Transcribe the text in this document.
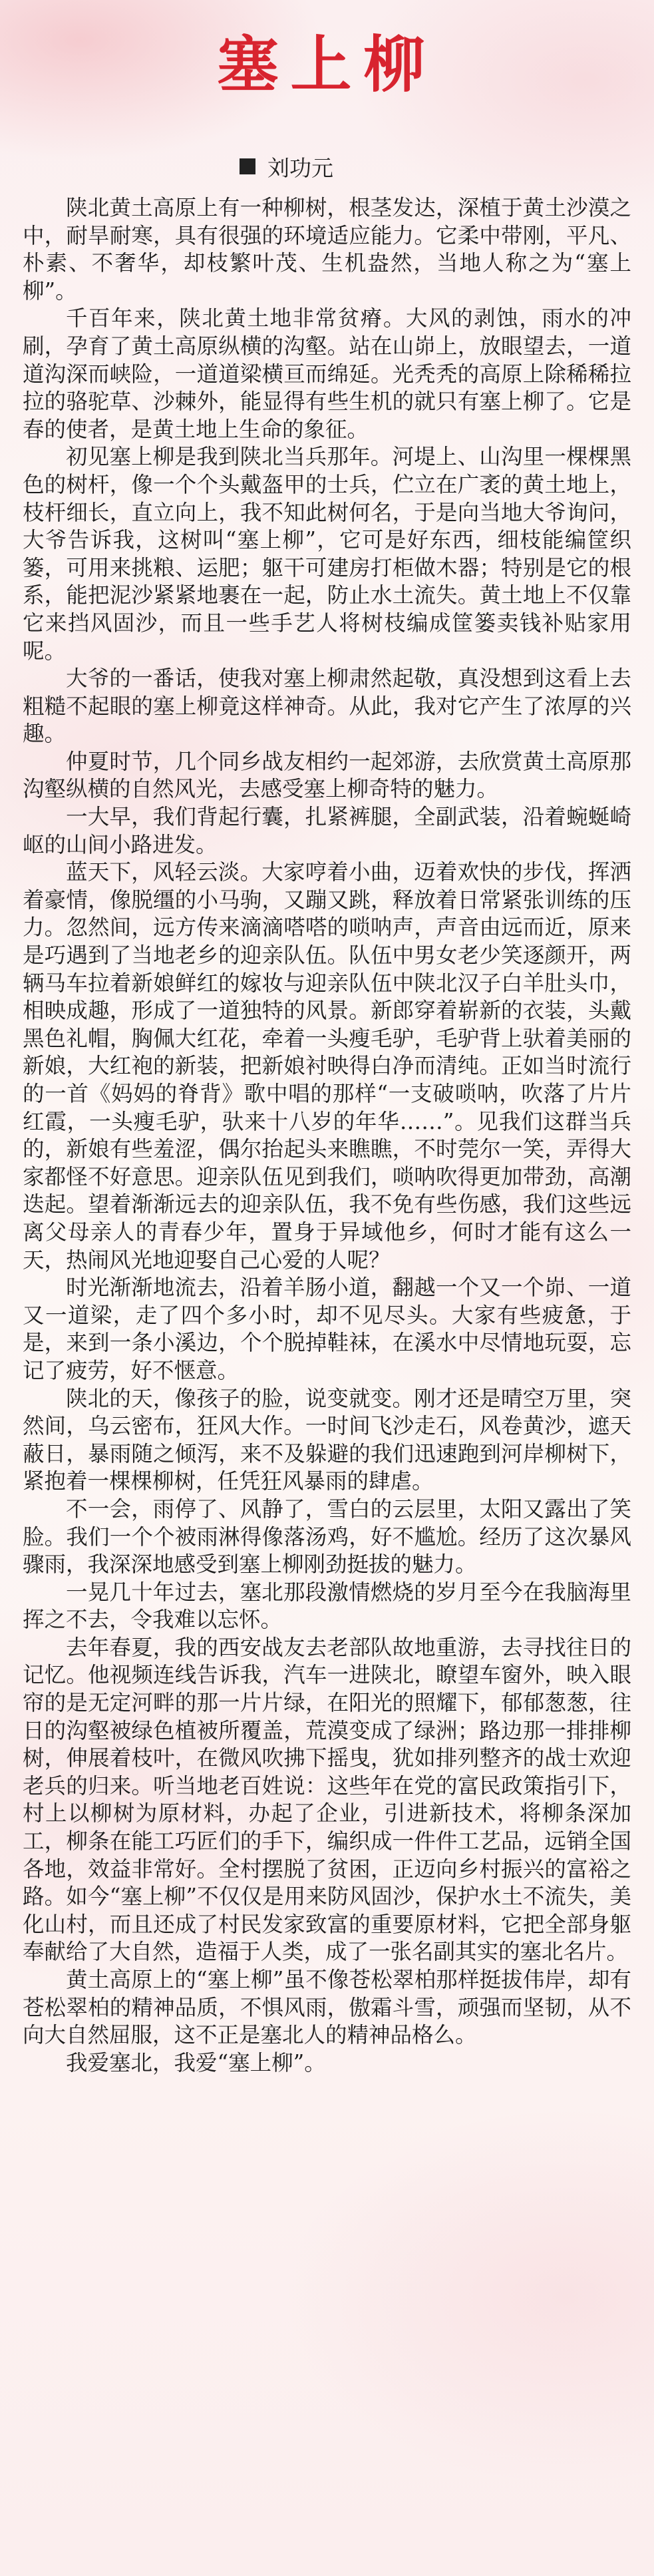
塞上柳
刘功元

陕北黄土高原上有一种柳树，根茎发达，深植于黄土沙漠之中，耐旱耐寒，具有很强的环境适应能力。它柔中带刚，平凡、朴素、不奢华，却枝繁叶茂、生机盎然，当地人称之为“塞上柳”。

千百年来，陕北黄土地非常贫瘠。大风的剥蚀，雨水的冲刷，孕育了黄土高原纵横的沟壑。站在山峁上，放眼望去，一道道沟深而峡险，一道道梁横亘而绵延。光秃秃的高原上除稀稀拉拉的骆驼草、沙棘外，能显得有些生机的就只有塞上柳了。它是春的使者，是黄土地上生命的象征。

初见塞上柳是我到陕北当兵那年。河堤上、山沟里一棵棵黑色的树杆，像一个个头戴盔甲的士兵，伫立在广袤的黄土地上，枝杆细长，直立向上，我不知此树何名，于是向当地大爷询问，大爷告诉我，这树叫“塞上柳”，它可是好东西，细枝能编筐织篓，可用来挑粮、运肥；躯干可建房打柜做木器；特别是它的根系，能把泥沙紧紧地裹在一起，防止水土流失。黄土地上不仅靠它来挡风固沙，而且一些手艺人将树枝编成筐篓卖钱补贴家用呢。

大爷的一番话，使我对塞上柳肃然起敬，真没想到这看上去粗糙不起眼的塞上柳竟这样神奇。从此，我对它产生了浓厚的兴趣。

仲夏时节，几个同乡战友相约一起郊游，去欣赏黄土高原那沟壑纵横的自然风光，去感受塞上柳奇特的魅力。

一大早，我们背起行囊，扎紧裤腿，全副武装，沿着蜿蜒崎岖的山间小路进发。

蓝天下，风轻云淡。大家哼着小曲，迈着欢快的步伐，挥洒着豪情，像脱缰的小马驹，又蹦又跳，释放着日常紧张训练的压力。忽然间，远方传来滴滴嗒嗒的唢呐声，声音由远而近，原来是巧遇到了当地老乡的迎亲队伍。队伍中男女老少笑逐颜开，两辆马车拉着新娘鲜红的嫁妆与迎亲队伍中陕北汉子白羊肚头巾，相映成趣，形成了一道独特的风景。新郎穿着崭新的衣装，头戴黑色礼帽，胸佩大红花，牵着一头瘦毛驴，毛驴背上驮着美丽的新娘，大红袍的新装，把新娘衬映得白净而清纯。正如当时流行的一首《妈妈的脊背》歌中唱的那样“一支破唢呐，吹落了片片红霞，一头瘦毛驴，驮来十八岁的年华……”。见我们这群当兵的，新娘有些羞涩，偶尔抬起头来瞧瞧，不时莞尔一笑，弄得大家都怪不好意思。迎亲队伍见到我们，唢呐吹得更加带劲，高潮迭起。望着渐渐远去的迎亲队伍，我不免有些伤感，我们这些远离父母亲人的青春少年，置身于异域他乡，何时才能有这么一天，热闹风光地迎娶自己心爱的人呢？

时光渐渐地流去，沿着羊肠小道，翻越一个又一个峁、一道又一道梁，走了四个多小时，却不见尽头。大家有些疲惫，于是，来到一条小溪边，个个脱掉鞋袜，在溪水中尽情地玩耍，忘记了疲劳，好不惬意。

陕北的天，像孩子的脸，说变就变。刚才还是晴空万里，突然间，乌云密布，狂风大作。一时间飞沙走石，风卷黄沙，遮天蔽日，暴雨随之倾泻，来不及躲避的我们迅速跑到河岸柳树下，紧抱着一棵棵柳树，任凭狂风暴雨的肆虐。

不一会，雨停了、风静了，雪白的云层里，太阳又露出了笑脸。我们一个个被雨淋得像落汤鸡，好不尴尬。经历了这次暴风骤雨，我深深地感受到塞上柳刚劲挺拔的魅力。

一晃几十年过去，塞北那段激情燃烧的岁月至今在我脑海里挥之不去，令我难以忘怀。

去年春夏，我的西安战友去老部队故地重游，去寻找往日的记忆。他视频连线告诉我，汽车一进陕北，瞭望车窗外，映入眼帘的是无定河畔的那一片片绿，在阳光的照耀下，郁郁葱葱，往日的沟壑被绿色植被所覆盖，荒漠变成了绿洲；路边那一排排柳树，伸展着枝叶，在微风吹拂下摇曳，犹如排列整齐的战士欢迎老兵的归来。听当地老百姓说：这些年在党的富民政策指引下，村上以柳树为原材料，办起了企业，引进新技术，将柳条深加工，柳条在能工巧匠们的手下，编织成一件件工艺品，远销全国各地，效益非常好。全村摆脱了贫困，正迈向乡村振兴的富裕之路。如今“塞上柳”不仅仅是用来防风固沙，保护水土不流失，美化山村，而且还成了村民发家致富的重要原材料，它把全部身躯奉献给了大自然，造福于人类，成了一张名副其实的塞北名片。

黄土高原上的“塞上柳”虽不像苍松翠柏那样挺拔伟岸，却有苍松翠柏的精神品质，不惧风雨，傲霜斗雪，顽强而坚韧，从不向大自然屈服，这不正是塞北人的精神品格么。

我爱塞北，我爱“塞上柳”。
